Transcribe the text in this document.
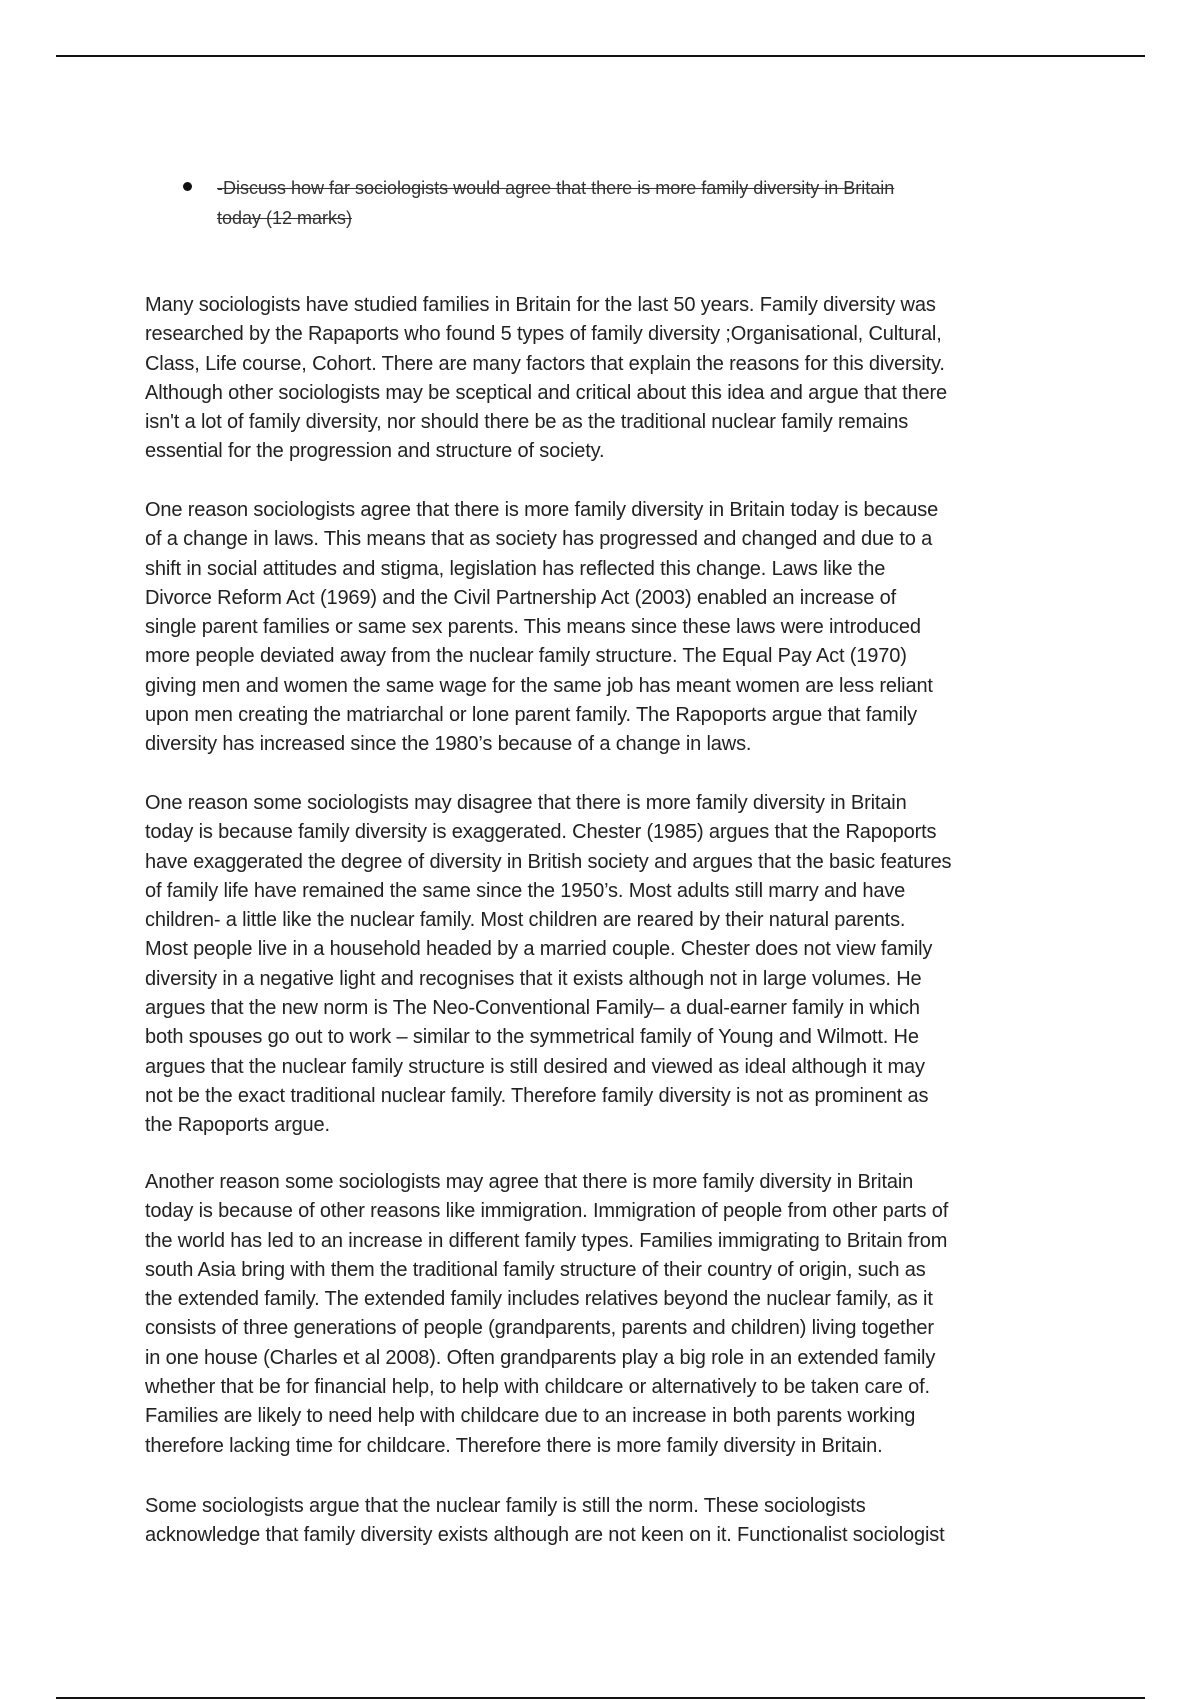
-Discuss how far sociologists would agree that there is more family diversity in Britain
today (12 marks)
Many sociologists have studied families in Britain for the last 50 years. Family diversity was
researched by the Rapaports who found 5 types of family diversity ;Organisational, Cultural,
Class, Life course, Cohort. There are many factors that explain the reasons for this diversity.
Although other sociologists may be sceptical and critical about this idea and argue that there
isn't a lot of family diversity, nor should there be as the traditional nuclear family remains
essential for the progression and structure of society.
One reason sociologists agree that there is more family diversity in Britain today is because
of a change in laws. This means that as society has progressed and changed and due to a
shift in social attitudes and stigma, legislation has reflected this change. Laws like the
Divorce Reform Act (1969) and the Civil Partnership Act (2003) enabled an increase of
single parent families or same sex parents. This means since these laws were introduced
more people deviated away from the nuclear family structure. The Equal Pay Act (1970)
giving men and women the same wage for the same job has meant women are less reliant
upon men creating the matriarchal or lone parent family. The Rapoports argue that family
diversity has increased since the 1980’s because of a change in laws.
One reason some sociologists may disagree that there is more family diversity in Britain
today is because family diversity is exaggerated. Chester (1985) argues that the Rapoports
have exaggerated the degree of diversity in British society and argues that the basic features
of family life have remained the same since the 1950’s. Most adults still marry and have
children- a little like the nuclear family. Most children are reared by their natural parents.
Most people live in a household headed by a married couple. Chester does not view family
diversity in a negative light and recognises that it exists although not in large volumes. He
argues that the new norm is The Neo-Conventional Family– a dual-earner family in which
both spouses go out to work – similar to the symmetrical family of Young and Wilmott. He
argues that the nuclear family structure is still desired and viewed as ideal although it may
not be the exact traditional nuclear family. Therefore family diversity is not as prominent as
the Rapoports argue.
Another reason some sociologists may agree that there is more family diversity in Britain
today is because of other reasons like immigration. Immigration of people from other parts of
the world has led to an increase in different family types. Families immigrating to Britain from
south Asia bring with them the traditional family structure of their country of origin, such as
the extended family. The extended family includes relatives beyond the nuclear family, as it
consists of three generations of people (grandparents, parents and children) living together
in one house (Charles et al 2008). Often grandparents play a big role in an extended family
whether that be for financial help, to help with childcare or alternatively to be taken care of.
Families are likely to need help with childcare due to an increase in both parents working
therefore lacking time for childcare. Therefore there is more family diversity in Britain.
Some sociologists argue that the nuclear family is still the norm. These sociologists
acknowledge that family diversity exists although are not keen on it. Functionalist sociologist
